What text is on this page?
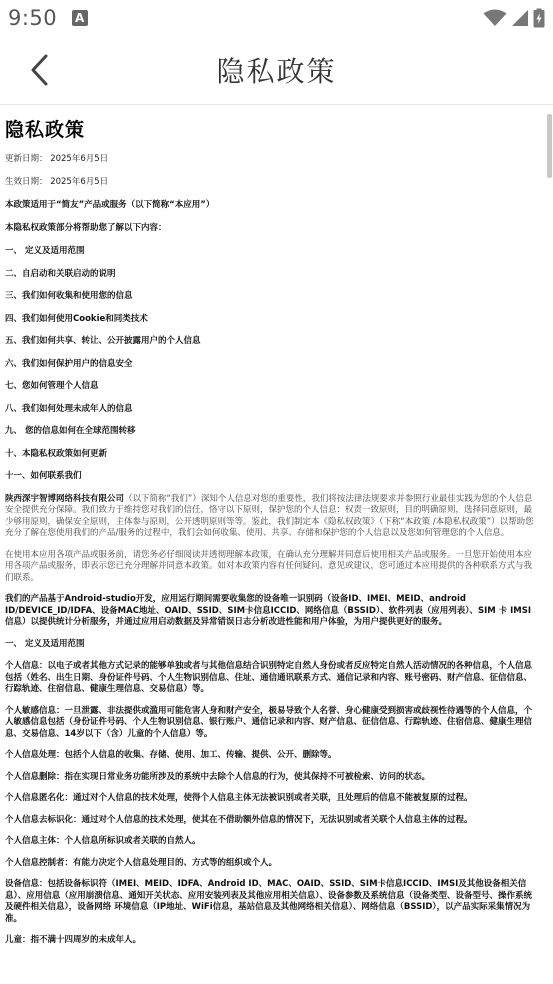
9:50 A
隐私政策
隐私政策
更新日期： 2025年6月5日
生效日期： 2025年6月5日
本政策适用于“简友”产品或服务（以下简称“本应用”）
本隐私权政策部分将帮助您了解以下内容：
一、 定义及适用范围
二、自启动和关联启动的说明
三、我们如何收集和使用您的信息
四、我们如何使用Cookie和同类技术
五、我们如何共享、转让、公开披露用户的个人信息
六、我们如何保护用户的信息安全
七、您如何管理个人信息
八、我们如何处理未成年人的信息
九、 您的信息如何在全球范围转移
十、本隐私权政策如何更新
十一、如何联系我们
陕西深宇智博网络科技有限公司（以下简称“我们”）深知个人信息对您的重要性，我们将按法律法规要求并参照行业最佳实践为您的个人信息安全提供充分保障。我们致力于维持您对我们的信任，恪守以下原则，保护您的个人信息：权责一致原则，目的明确原则，选择同意原则，最少够用原则，确保安全原则，主体参与原则，公开透明原则等等。鉴此，我们制定本《隐私权政策》（下称“本政策 /本隐私权政策”）以帮助您充分了解在您使用我们的产品/服务的过程中，我们会如何收集、使用、共享、存储和保护您的个人信息以及您如何管理您的个人信息。
在使用本应用各项产品或服务前，请您务必仔细阅读并透彻理解本政策，在确认充分理解并同意后使用相关产品或服务。一旦您开始使用本应用各项产品或服务，即表示您已充分理解并同意本政策。如对本政策内容有任何疑问、意见或建议，您可通过本应用提供的各种联系方式与我们联系。
我们的产品基于Android-studio开发，应用运行期间需要收集您的设备唯一识别码（设备ID、IMEI、MEID、android ID/DEVICE_ID/IDFA、设备MAC地址、OAID、SSID、SIM卡信息ICCID、网络信息（BSSID）、软件列表（应用列表）、SIM 卡 IMSI 信息）以提供统计分析服务，并通过应用启动数据及异常错误日志分析改进性能和用户体验，为用户提供更好的服务。
一、 定义及适用范围
个人信息：以电子或者其他方式记录的能够单独或者与其他信息结合识别特定自然人身份或者反应特定自然人活动情况的各种信息，个人信息包括（姓名、出生日期、身份证件号码、个人生物识别信息、住址、通信通讯联系方式、通信记录和内容、账号密码、财产信息、征信信息、行踪轨迹、住宿信息、健康生理信息、交易信息）等。
个人敏感信息：一旦泄露、非法提供或滥用可能危害人身和财产安全，极易导致个人名誉、身心健康受到损害或歧视性待遇等的个人信息，个人敏感信息包括（身份证件号码、个人生物识别信息、银行账户、通信记录和内容、财产信息、征信信息、行踪轨迹、住宿信息、健康生理信息、交易信息、14岁以下（含）儿童的个人信息）等。
个人信息处理：包括个人信息的收集、存储、使用、加工、传输、提供、公开、删除等。
个人信息删除：指在实现日常业务功能所涉及的系统中去除个人信息的行为，使其保持不可被检索、访问的状态。
个人信息匿名化：通过对个人信息的技术处理，使得个人信息主体无法被识别或者关联，且处理后的信息不能被复原的过程。
个人信息去标识化：通过对个人信息的技术处理，使其在不借助额外信息的情况下，无法识别或者关联个人信息主体的过程。
个人信息主体：个人信息所标识或者关联的自然人。
个人信息控制者：有能力决定个人信息处理目的、方式等的组织或个人。
设备信息：包括设备标识符（IMEI、MEID、IDFA、Android ID、MAC、OAID、SSID、SIM卡信息ICCID、IMSI及其他设备相关信息）、应用信息（应用崩溃信息、通知开关状态、应用安装列表及其他应用相关信息）、设备参数及系统信息（设备类型、设备型号、操作系统及硬件相关信息），设备网络 环境信息（IP地址、WiFi信息，基站信息及其他网络相关信息）、网络信息（BSSID），以产品实际采集情况为准。
儿童：指不满十四周岁的未成年人。
